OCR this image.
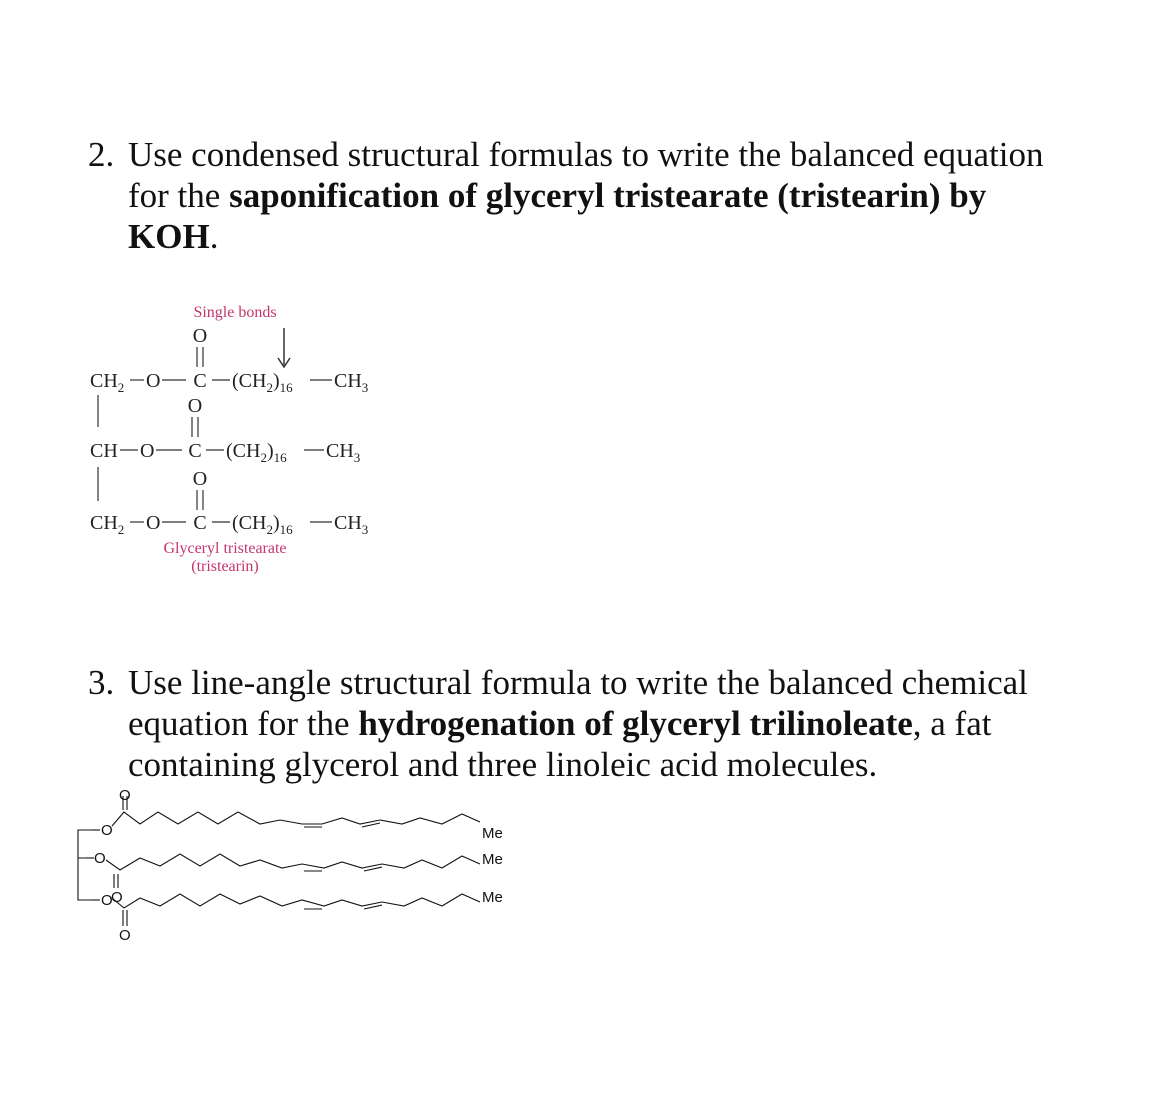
2. Use condensed structural formulas to write the balanced equation
for the saponification of glyceryl tristearate (tristearin) by
KOH.
Single bonds
O
$CH_2$ O C $(CH_2)_{16}$ $CH_3$
O
CH O C $(CH_2)_{16}$ $CH_3$
O
$CH_2$ O C $(CH_2)_{16}$ $CH_3$
Glyceryl tristearate
(tristearin)
3. Use line-angle structural formula to write the balanced chemical
equation for the hydrogenation of glyceryl trilinoleate, a fat
containing glycerol and three linoleic acid molecules.
O
O
O
O
O
O
Me
Me
Me
